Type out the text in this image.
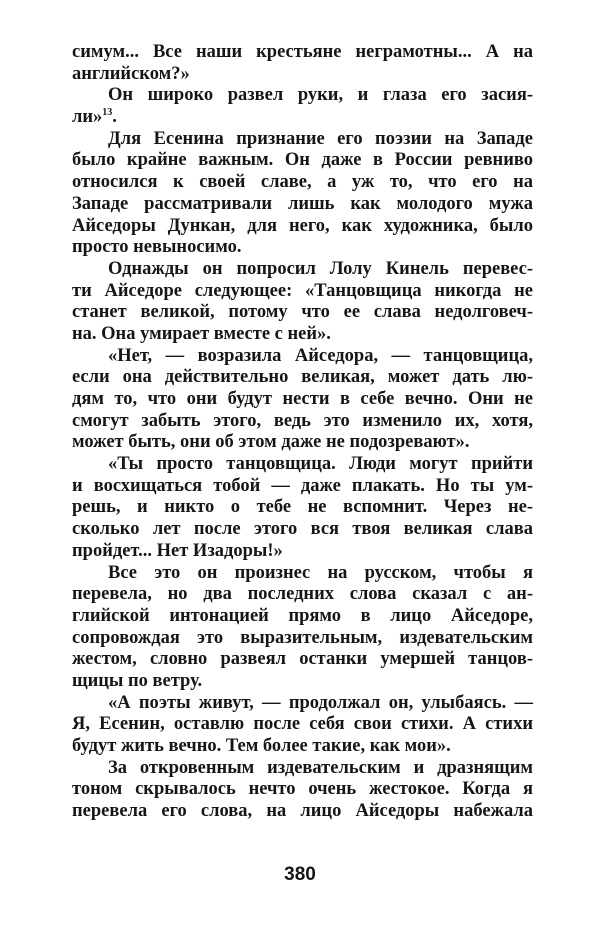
симум... Все наши крестьяне неграмотны... А на
английском?»
Он широко развел руки, и глаза его засия-
ли»$^{13}$.
Для Есенина признание его поэзии на Западе
было крайне важным. Он даже в России ревниво
относился к своей славе, а уж то, что его на
Западе рассматривали лишь как молодого мужа
Айседоры Дункан, для него, как художника, было
просто невыносимо.
Однажды он попросил Лолу Кинель перевес-
ти Айседоре следующее: «Танцовщица никогда не
станет великой, потому что ее слава недолговеч-
на. Она умирает вместе с ней».
«Нет, — возразила Айседора, — танцовщица,
если она действительно великая, может дать лю-
дям то, что они будут нести в себе вечно. Они не
смогут забыть этого, ведь это изменило их, хотя,
может быть, они об этом даже не подозревают».
«Ты просто танцовщица. Люди могут прийти
и восхищаться тобой — даже плакать. Но ты ум-
решь, и никто о тебе не вспомнит. Через не-
сколько лет после этого вся твоя великая слава
пройдет... Нет Изадоры!»
Все это он произнес на русском, чтобы я
перевела, но два последних слова сказал с ан-
глийской интонацией прямо в лицо Айседоре,
сопровождая это выразительным, издевательским
жестом, словно развеял останки умершей танцов-
щицы по ветру.
«А поэты живут, — продолжал он, улыбаясь. —
Я, Есенин, оставлю после себя свои стихи. А стихи
будут жить вечно. Тем более такие, как мои».
За откровенным издевательским и дразнящим
тоном скрывалось нечто очень жестокое. Когда я
перевела его слова, на лицо Айседоры набежала
380
